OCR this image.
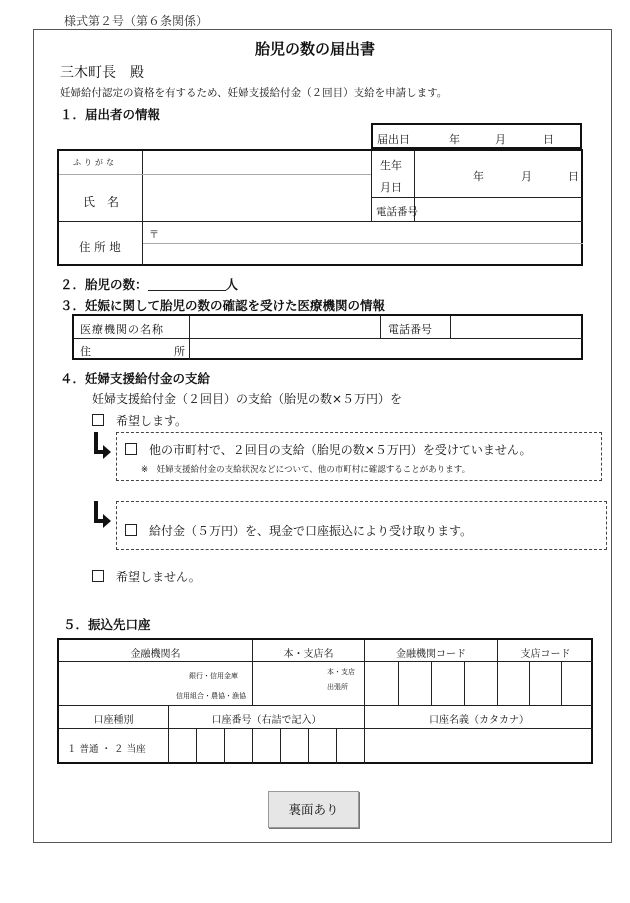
様式第２号（第６条関係）
胎児の数の届出書
三木町長　殿
妊婦給付認定の資格を有するため、妊婦支援給付金（２回目）支給を申請します。
１．届出者の情報
届出日	年	月	日
ふりがな
氏　名
生年
月日
年	月	日
電話番号
住 所 地
〒
２．胎児の数：	人
３．妊娠に関して胎児の数の確認を受けた医療機関の情報
医療機関の名称	電話番号
住	所
４．妊婦支援給付金の支給
妊婦支援給付金（２回目）の支給（胎児の数×５万円）を
希望します。
他の市町村で、２回目の支給（胎児の数×５万円）を受けていません。
※　妊婦支援給付金の支給状況などについて、他の市町村に確認することがあります。
給付金（５万円）を、現金で口座振込により受け取ります。
希望しません。
５．振込先口座
金融機関名	本・支店名	金融機関コード	支店コード
銀行・信用金庫
信用組合・農協・漁協
本・支店
出張所
口座種別	口座番号（右詰で記入）	口座名義（カタカナ）
１ 普通 ・ ２ 当座
裏面あり
